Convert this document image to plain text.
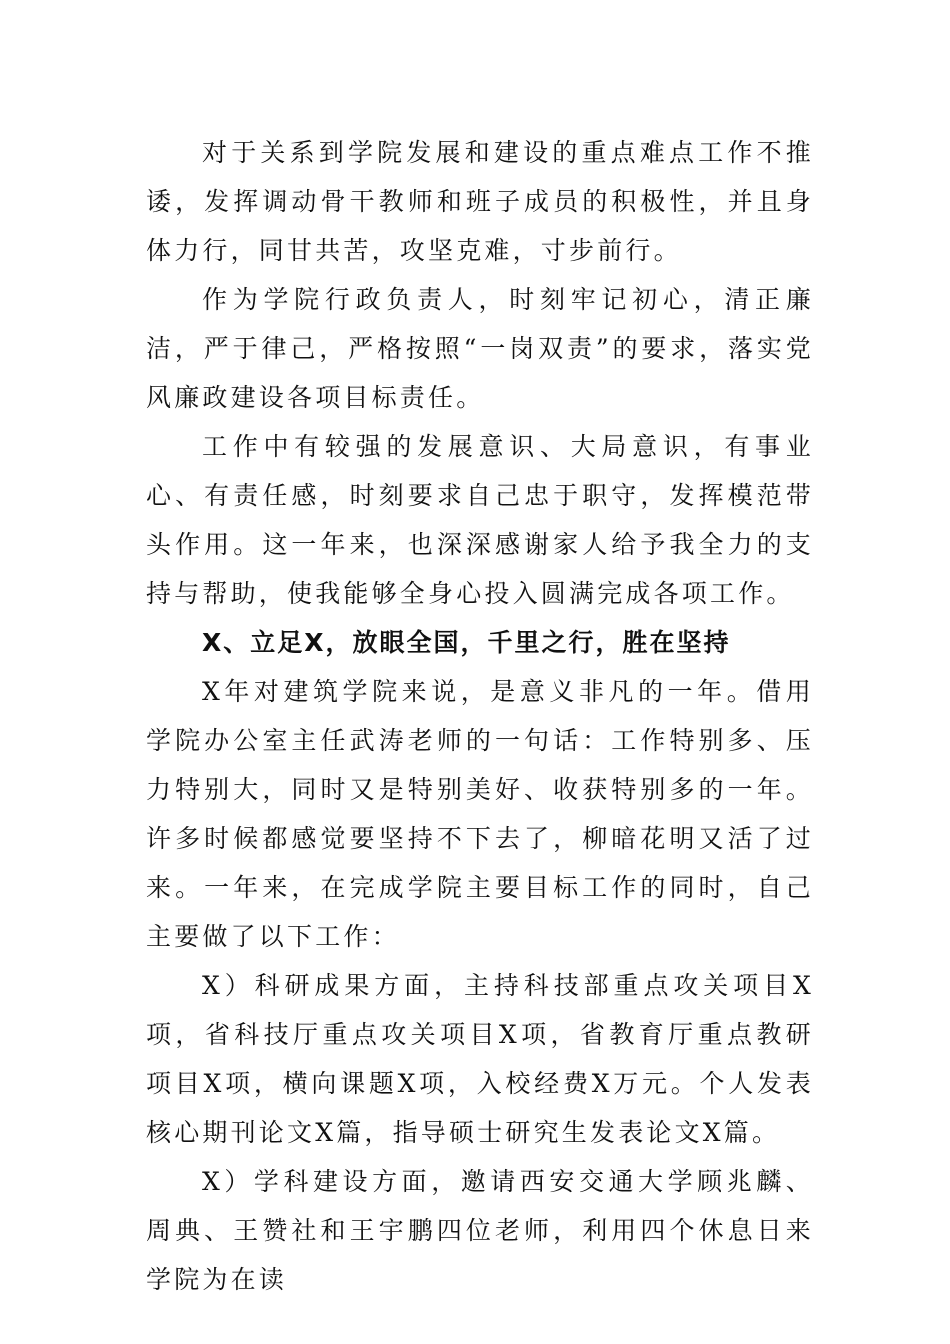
对于关系到学院发展和建设的重点难点工作不推诿，发挥调动骨干教师和班子成员的积极性，并且身体力行，同甘共苦，攻坚克难，寸步前行。

作为学院行政负责人，时刻牢记初心，清正廉洁，严于律己，严格按照“一岗双责”的要求，落实党风廉政建设各项目标责任。

工作中有较强的发展意识、大局意识，有事业心、有责任感，时刻要求自己忠于职守，发挥模范带头作用。这一年来，也深深感谢家人给予我全力的支持与帮助，使我能够全身心投入圆满完成各项工作。

X、立足X，放眼全国，千里之行，胜在坚持

X年对建筑学院来说，是意义非凡的一年。借用学院办公室主任武涛老师的一句话：工作特别多、压力特别大，同时又是特别美好、收获特别多的一年。许多时候都感觉要坚持不下去了，柳暗花明又活了过来。一年来，在完成学院主要目标工作的同时，自己主要做了以下工作：

X）科研成果方面，主持科技部重点攻关项目X项，省科技厅重点攻关项目X项，省教育厅重点教研项目X项，横向课题X项，入校经费X万元。个人发表核心期刊论文X篇，指导硕士研究生发表论文X篇。

X）学科建设方面，邀请西安交通大学顾兆麟、周典、王赞社和王宇鹏四位老师，利用四个休息日来学院为在读
